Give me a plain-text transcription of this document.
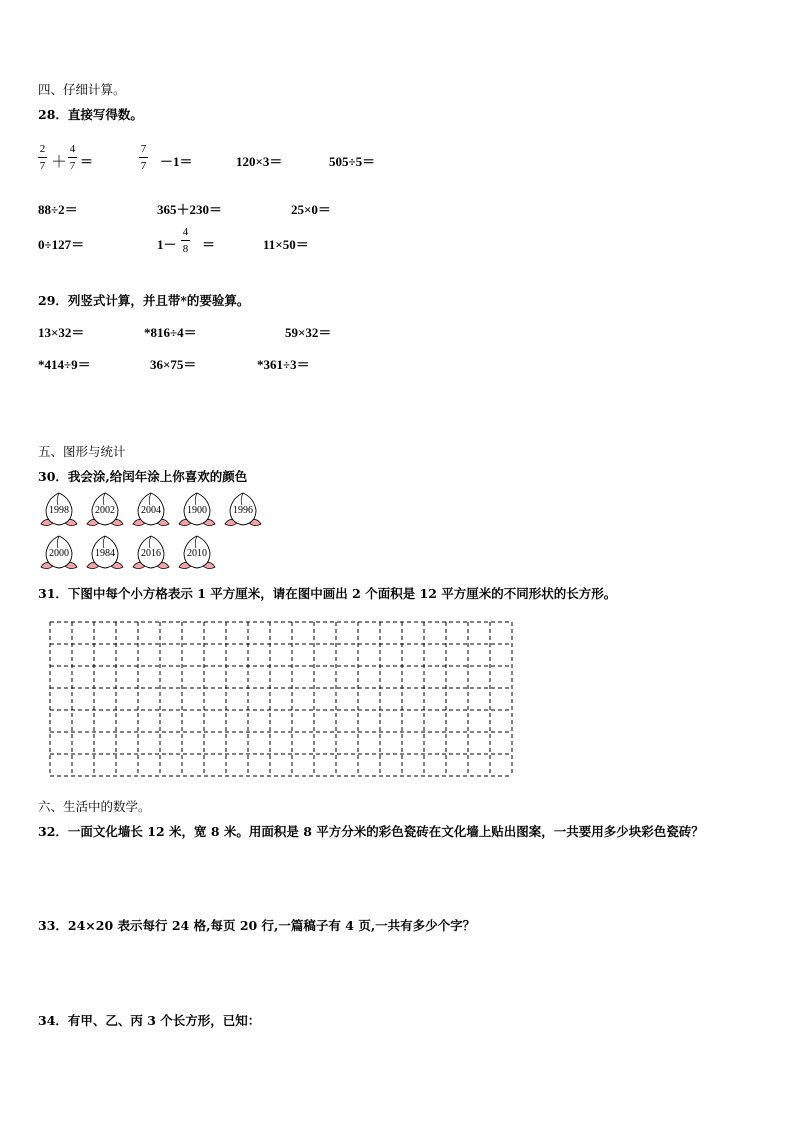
四、仔细计算。
28．直接写得数。
2
7 ＋
4
7 ＝
7
7 －1＝	120×3＝	505÷5＝
88÷2＝	365＋230＝	25×0＝
0÷127＝	1－
4
8 ＝	11×50＝
29．列竖式计算，并且带*的要验算。
13×32＝	*816÷4＝	59×32＝
*414÷9＝	36×75＝	*361÷3＝
五、图形与统计
30．我会涂,给闰年涂上你喜欢的颜色
1998	2002	2004	1900	1996
2000	1984	2016	2010
31．下图中每个小方格表示 1 平方厘米，请在图中画出 2 个面积是 12 平方厘米的不同形状的长方形。
六、生活中的数学。
32．一面文化墙长 12 米，宽 8 米。用面积是 8 平方分米的彩色瓷砖在文化墙上贴出图案，一共要用多少块彩色瓷砖？
33．24×20 表示每行 24 格,每页 20 行,一篇稿子有 4 页,一共有多少个字？
34．有甲、乙、丙 3 个长方形，已知：
